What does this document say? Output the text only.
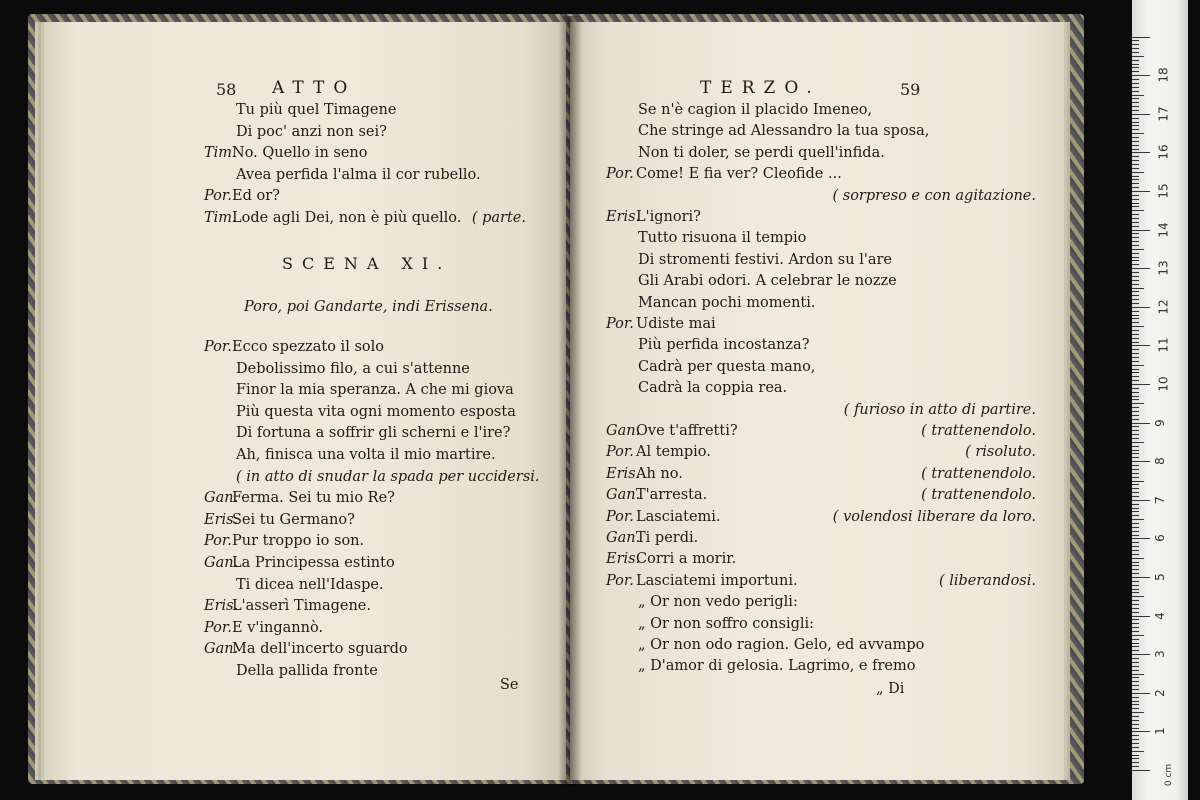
58 ATTO
Tu più quel Timagene
Di poc' anzi non sei?
Tim.
No. Quello in seno
Avea perfida l'alma il cor rubello.
Por. Ed or?
Tim.
Lode agli Dei, non è più quello. ( parte.
SCENA XI.
Poro, poi Gandarte, indi Erissena.
Por. Ecco spezzato il solo
Debolissimo filo, a cui s'attenne
Finor la mia speranza. A che mi giova
Più questa vita ogni momento esposta
Di fortuna a soffrir gli scherni e l'ire?
Ah, finisca una volta il mio martire.
( in atto di snudar la spada per uccidersi.
Gan.
Ferma. Sei tu mio Re?
Eris.
Sei tu Germano?
Por. Pur troppo io son.
Gan.
La Principessa estinto
Ti dicea nell'Idaspe.
Eris.
L'asserì Timagene.
Por. E v'ingannò.
Gan.
Ma dell'incerto sguardo
Della pallida fronte
Se
TERZO.	59
Se n'è cagion il placido Imeneo,
Che stringe ad Alessandro la tua sposa,
Non ti doler, se perdi quell'infida.
Por. Come! E fia ver? Cleofide ...
( sorpreso e con agitazione.
Eris.
L'ignori?
Tutto risuona il tempio
Di stromenti festivi. Ardon su l'are
Gli Arabi odori. A celebrar le nozze
Mancan pochi momenti.
Por. Udiste mai
Più perfida incostanza?
Cadrà per questa mano,
Cadrà la coppia rea.
( furioso in atto di partire.
Gan.
Ove t'affretti?	( trattenendolo.
Por. Al tempio.	( risoluto.
Eris.
Ah no.	( trattenendolo.
Gan.
T'arresta.	( trattenendolo.
Por. Lasciatemi.	( volendosi liberare da loro.
Gan.
Ti perdi.
Eris.
Corri a morir.
Por. Lasciatemi importuni.	( liberandosi.
„ Or non vedo perigli:
„ Or non soffro consigli:
„ Or non odo ragion. Gelo, ed avvampo
„ D'amor di gelosia. Lagrimo, e fremo
„ Di
0 cm
18
17
16
15
14
13
12
11
10
9
8
7
6
5
4
3
2
1
